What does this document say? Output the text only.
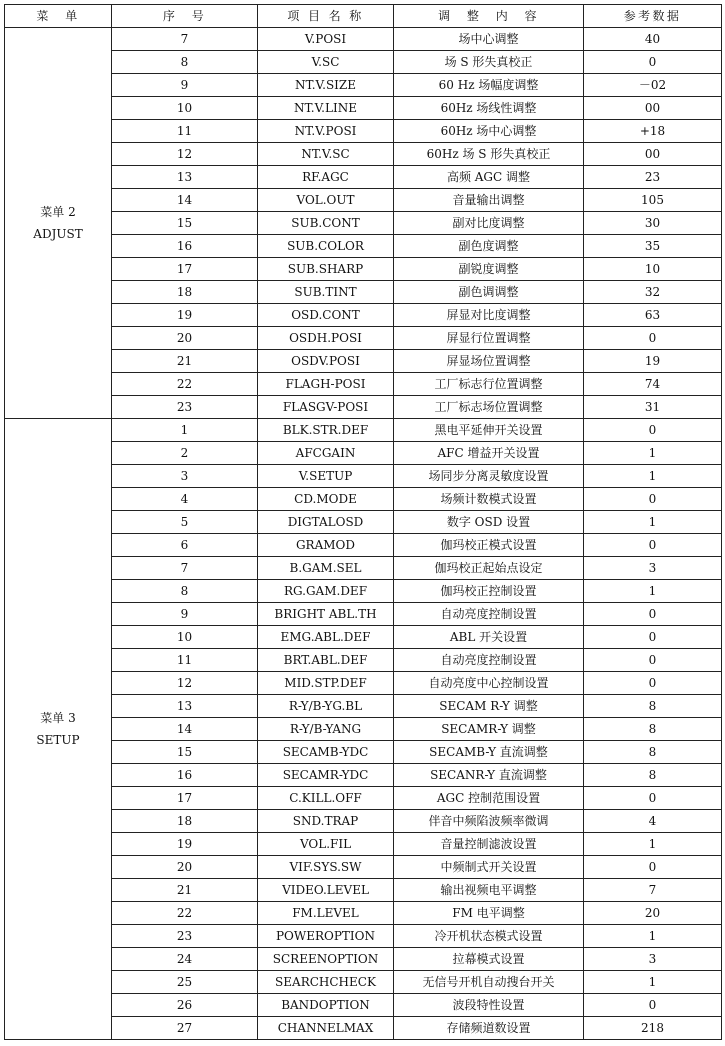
菜　单	序　号	项 目 名 称	调　整　内　容	参考数据

菜单 2
ADJUST	7	V.POSI	场中心调整	40
	8	V.SC	场 S 形失真校正	0
	9	NT.V.SIZE	60 Hz 场幅度调整	－02
	10	NT.V.LINE	60Hz 场线性调整	00
	11	NT.V.POSI	60Hz 场中心调整	+18
	12	NT.V.SC	60Hz 场 S 形失真校正	00
	13	RF.AGC	高频 AGC 调整	23
	14	VOL.OUT	音量输出调整	105
	15	SUB.CONT	副对比度调整	30
	16	SUB.COLOR	副色度调整	35
	17	SUB.SHARP	副锐度调整	10
	18	SUB.TINT	副色调调整	32
	19	OSD.CONT	屏显对比度调整	63
	20	OSDH.POSI	屏显行位置调整	0
	21	OSDV.POSI	屏显场位置调整	19
	22	FLAGH-POSI	工厂标志行位置调整	74
	23	FLASGV-POSI	工厂标志场位置调整	31

菜单 3
SETUP	1	BLK.STR.DEF	黑电平延伸开关设置	0
	2	AFCGAIN	AFC 增益开关设置	1
	3	V.SETUP	场同步分离灵敏度设置	1
	4	CD.MODE	场频计数模式设置	0
	5	DIGTALOSD	数字 OSD 设置	1
	6	GRAMOD	伽玛校正模式设置	0
	7	B.GAM.SEL	伽玛校正起始点设定	3
	8	RG.GAM.DEF	伽玛校正控制设置	1
	9	BRIGHT ABL.TH	自动亮度控制设置	0
	10	EMG.ABL.DEF	ABL 开关设置	0
	11	BRT.ABL.DEF	自动亮度控制设置	0
	12	MID.STP.DEF	自动亮度中心控制设置	0
	13	R-Y/B-YG.BL	SECAM R-Y 调整	8
	14	R-Y/B-YANG	SECAMR-Y 调整	8
	15	SECAMB-YDC	SECAMB-Y 直流调整	8
	16	SECAMR-YDC	SECANR-Y 直流调整	8
	17	C.KILL.OFF	AGC 控制范围设置	0
	18	SND.TRAP	伴音中频陷波频率微调	4
	19	VOL.FIL	音量控制滤波设置	1
	20	VIF.SYS.SW	中频制式开关设置	0
	21	VIDEO.LEVEL	输出视频电平调整	7
	22	FM.LEVEL	FM 电平调整	20
	23	POWEROPTION	冷开机状态模式设置	1
	24	SCREENOPTION	拉幕模式设置	3
	25	SEARCHCHECK	无信号开机自动搜台开关	1
	26	BANDOPTION	波段特性设置	0
	27	CHANNELMAX	存储频道数设置	218
